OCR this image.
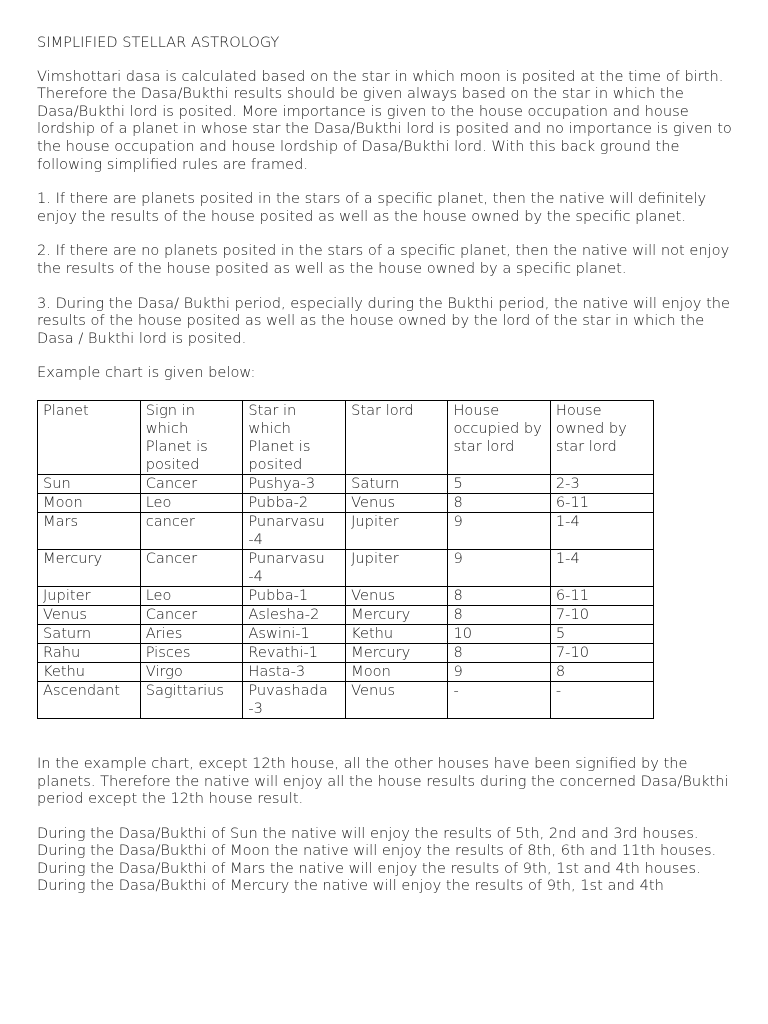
SIMPLIFIED STELLAR ASTROLOGY

Vimshottari dasa is calculated based on the star in which moon is posited at the time of birth. Therefore the Dasa/Bukthi results should be given always based on the star in which the Dasa/Bukthi lord is posited. More importance is given to the house occupation and house lordship of a planet in whose star the Dasa/Bukthi lord is posited and no importance is given to the house occupation and house lordship of Dasa/Bukthi lord. With this back ground the following simplified rules are framed.

1. If there are planets posited in the stars of a specific planet, then the native will definitely enjoy the results of the house posited as well as the house owned by the specific planet.

2. If there are no planets posited in the stars of a specific planet, then the native will not enjoy the results of the house posited as well as the house owned by a specific planet.

3. During the Dasa/ Bukthi period, especially during the Bukthi period, the native will enjoy the results of the house posited as well as the house owned by the lord of the star in which the Dasa / Bukthi lord is posited.

Example chart is given below:

Planet	Sign in which Planet is posited	Star in which Planet is posited	Star lord	House occupied by star lord	House owned by star lord
Sun	Cancer	Pushya-3	Saturn	5	2-3
Moon	Leo	Pubba-2	Venus	8	6-11
Mars	cancer	Punarvasu -4	Jupiter	9	1-4
Mercury	Cancer	Punarvasu -4	Jupiter	9	1-4
Jupiter	Leo	Pubba-1	Venus	8	6-11
Venus	Cancer	Aslesha-2	Mercury	8	7-10
Saturn	Aries	Aswini-1	Kethu	10	5
Rahu	Pisces	Revathi-1	Mercury	8	7-10
Kethu	Virgo	Hasta-3	Moon	9	8
Ascendant	Sagittarius	Puvashada -3	Venus	-	-

In the example chart, except 12th house, all the other houses have been signified by the planets. Therefore the native will enjoy all the house results during the concerned Dasa/Bukthi period except the 12th house result.

During the Dasa/Bukthi of Sun the native will enjoy the results of 5th, 2nd and 3rd houses.

During the Dasa/Bukthi of Moon the native will enjoy the results of 8th, 6th and 11th houses.

During the Dasa/Bukthi of Mars the native will enjoy the results of 9th, 1st and 4th houses.

During the Dasa/Bukthi of Mercury the native will enjoy the results of 9th, 1st and 4th
